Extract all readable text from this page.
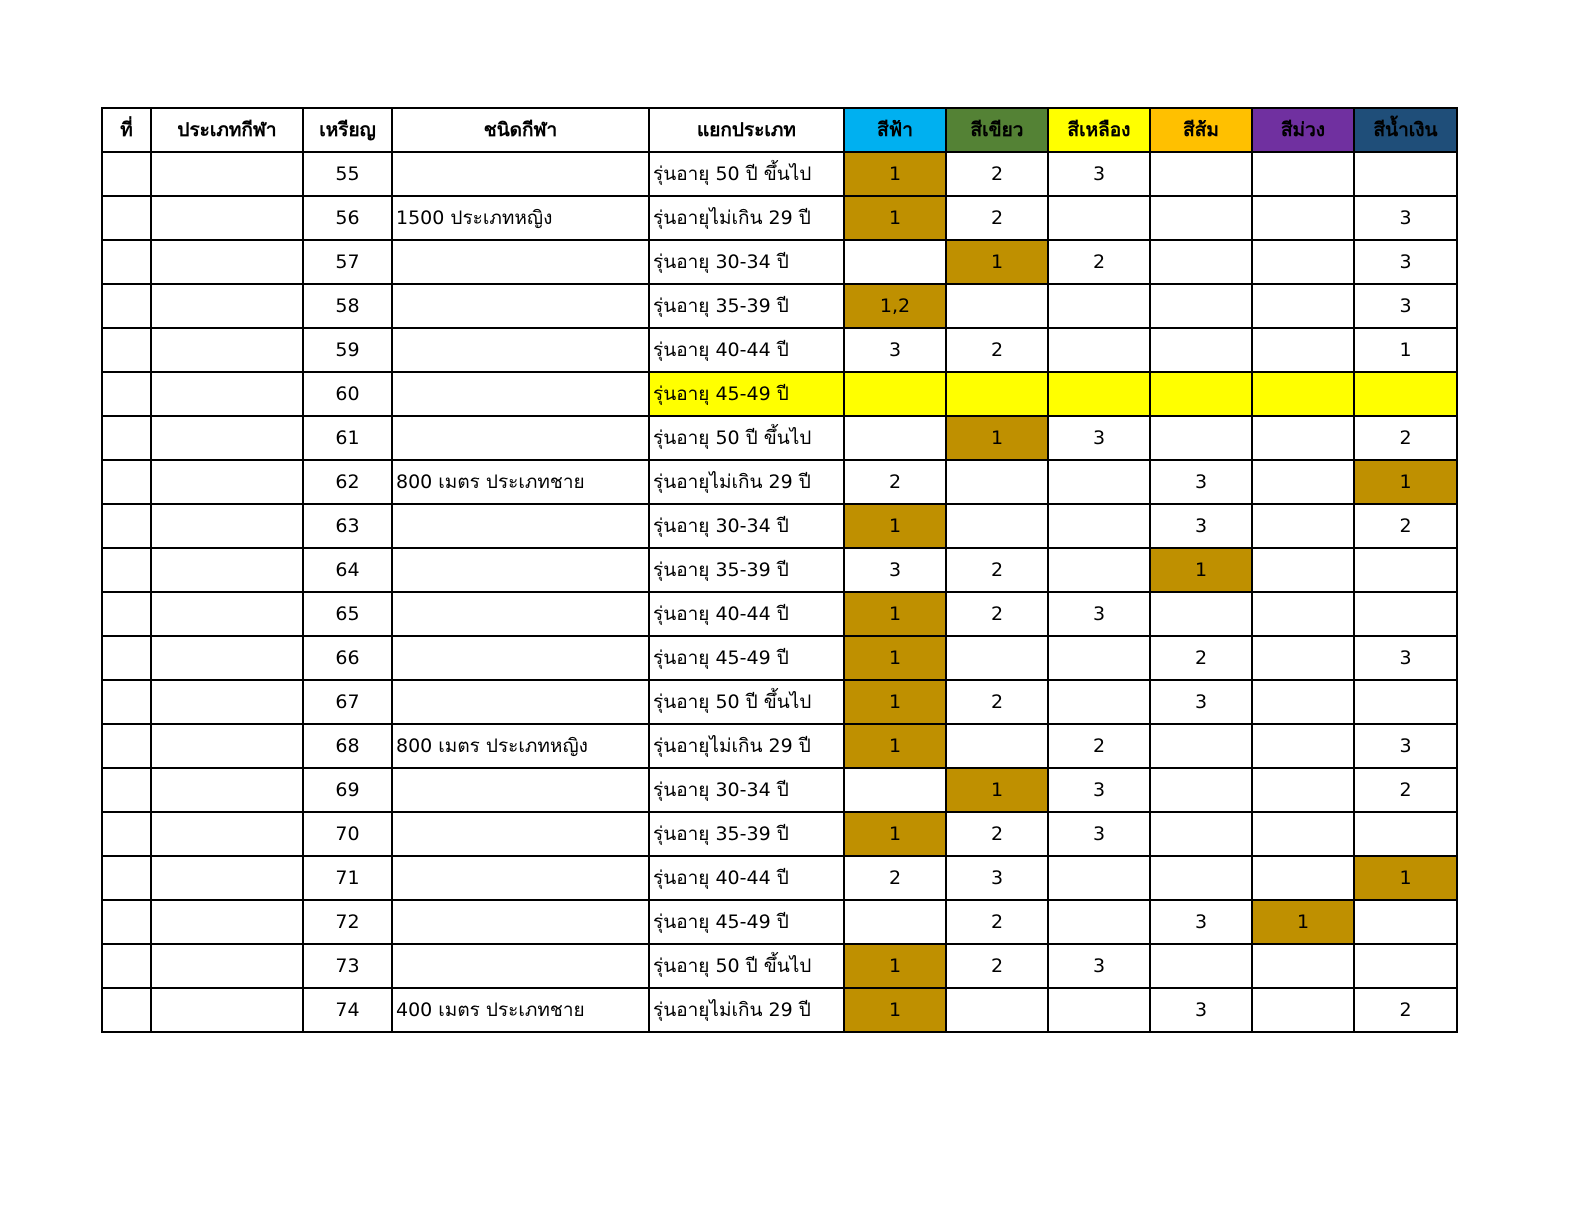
ที่	ประเภทกีฬา	เหรียญ	ชนิดกีฬา	แยกประเภท	สีฟ้า	สีเขียว	สีเหลือง	สีส้ม	สีม่วง	สีน้ำเงิน
		55		รุ่นอายุ 50 ปี ขึ้นไป	1	2	3			
		56	1500 ประเภทหญิง	รุ่นอายุไม่เกิน 29 ปี	1	2				3
		57		รุ่นอายุ 30-34 ปี		1	2			3
		58		รุ่นอายุ 35-39 ปี	1,2					3
		59		รุ่นอายุ 40-44 ปี	3	2				1
		60		รุ่นอายุ 45-49 ปี						
		61		รุ่นอายุ 50 ปี ขึ้นไป		1	3			2
		62	800 เมตร ประเภทชาย	รุ่นอายุไม่เกิน 29 ปี	2			3		1
		63		รุ่นอายุ 30-34 ปี	1			3		2
		64		รุ่นอายุ 35-39 ปี	3	2		1		
		65		รุ่นอายุ 40-44 ปี	1	2	3			
		66		รุ่นอายุ 45-49 ปี	1			2		3
		67		รุ่นอายุ 50 ปี ขึ้นไป	1	2		3		
		68	800 เมตร ประเภทหญิง	รุ่นอายุไม่เกิน 29 ปี	1		2			3
		69		รุ่นอายุ 30-34 ปี		1	3			2
		70		รุ่นอายุ 35-39 ปี	1	2	3			
		71		รุ่นอายุ 40-44 ปี	2	3				1
		72		รุ่นอายุ 45-49 ปี		2		3	1	
		73		รุ่นอายุ 50 ปี ขึ้นไป	1	2	3			
		74	400 เมตร ประเภทชาย	รุ่นอายุไม่เกิน 29 ปี	1			3		2
